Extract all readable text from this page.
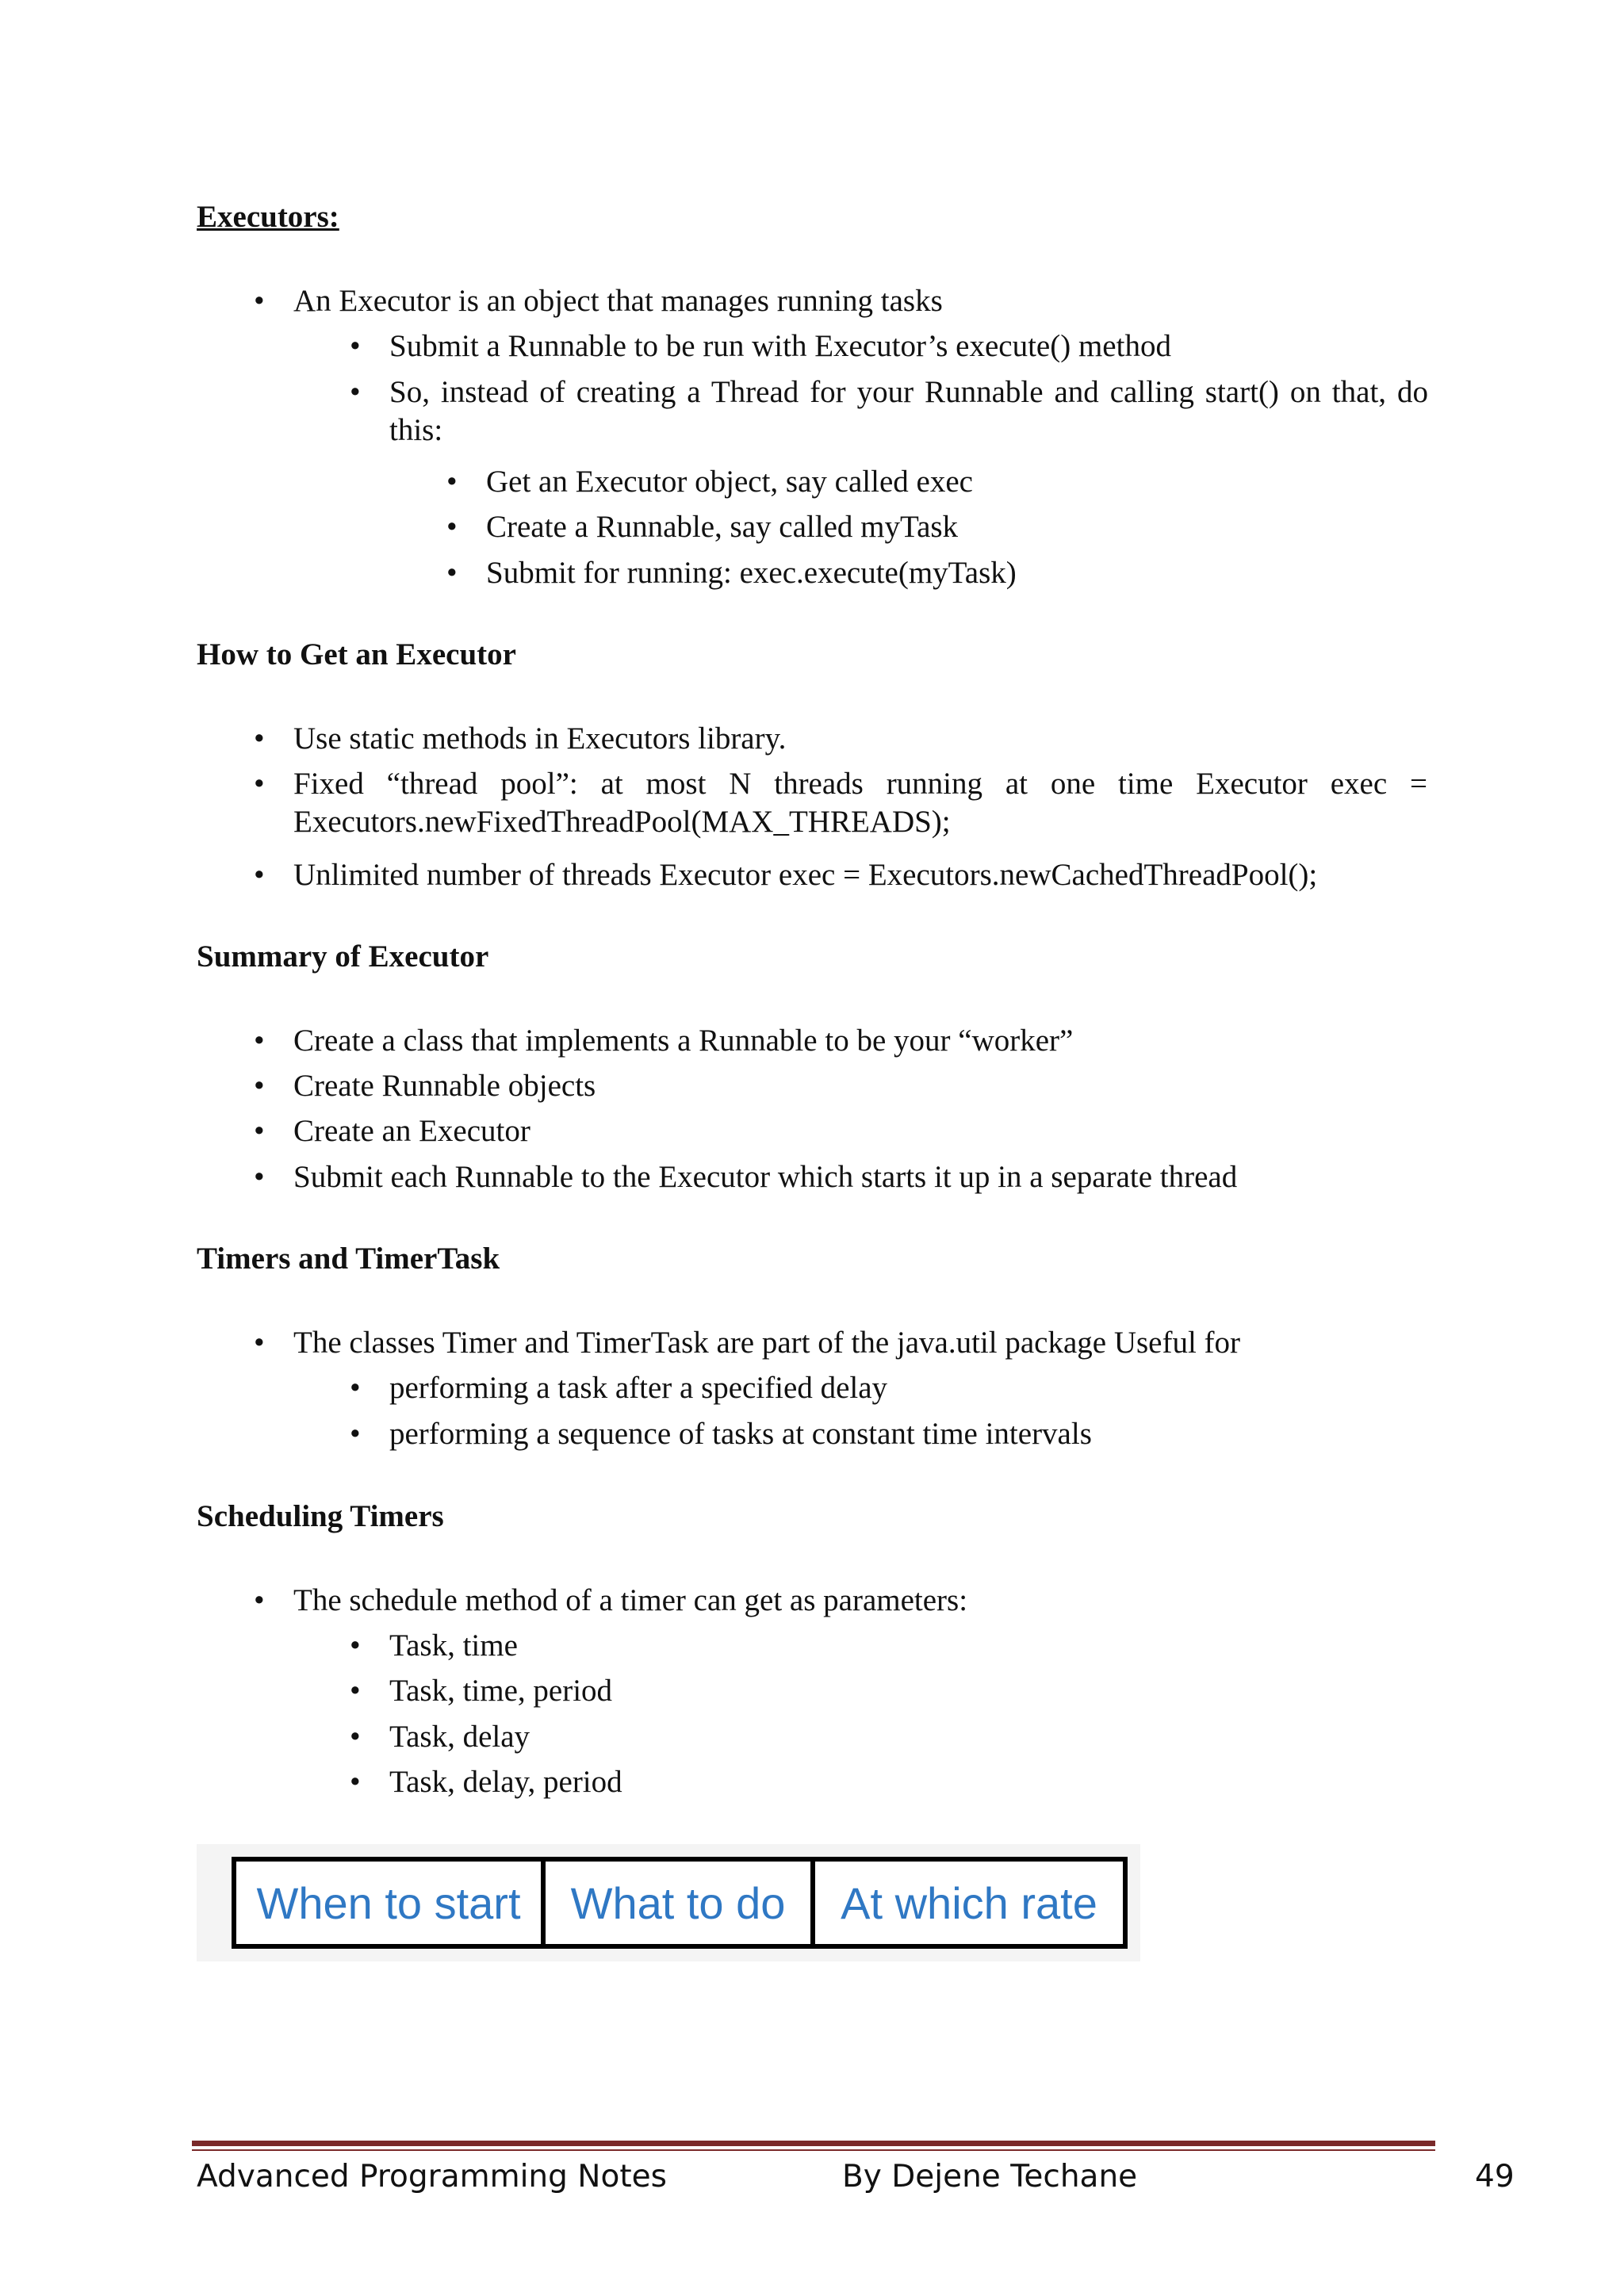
Executors:
• An Executor is an object that manages running tasks
• Submit a Runnable to be run with Executor’s execute() method
• So, instead of creating a Thread for your Runnable and calling start() on that, do this:
• Get an Executor object, say called exec
• Create a Runnable, say called myTask
• Submit for running: exec.execute(myTask)
How to Get an Executor
• Use static methods in Executors library.
• Fixed “thread pool”: at most N threads running at one time Executor exec = Executors.newFixedThreadPool(MAX_THREADS);
• Unlimited number of threads Executor exec = Executors.newCachedThreadPool();
Summary of Executor
• Create a class that implements a Runnable to be your “worker”
• Create Runnable objects
• Create an Executor
• Submit each Runnable to the Executor which starts it up in a separate thread
Timers and TimerTask
• The classes Timer and TimerTask are part of the java.util package Useful for
• performing a task after a specified delay
• performing a sequence of tasks at constant time intervals
Scheduling Timers
• The schedule method of a timer can get as parameters:
• Task, time
• Task, time, period
• Task, delay
• Task, delay, period
When to start	What to do	At which rate
Advanced Programming Notes	By Dejene Techane	49
